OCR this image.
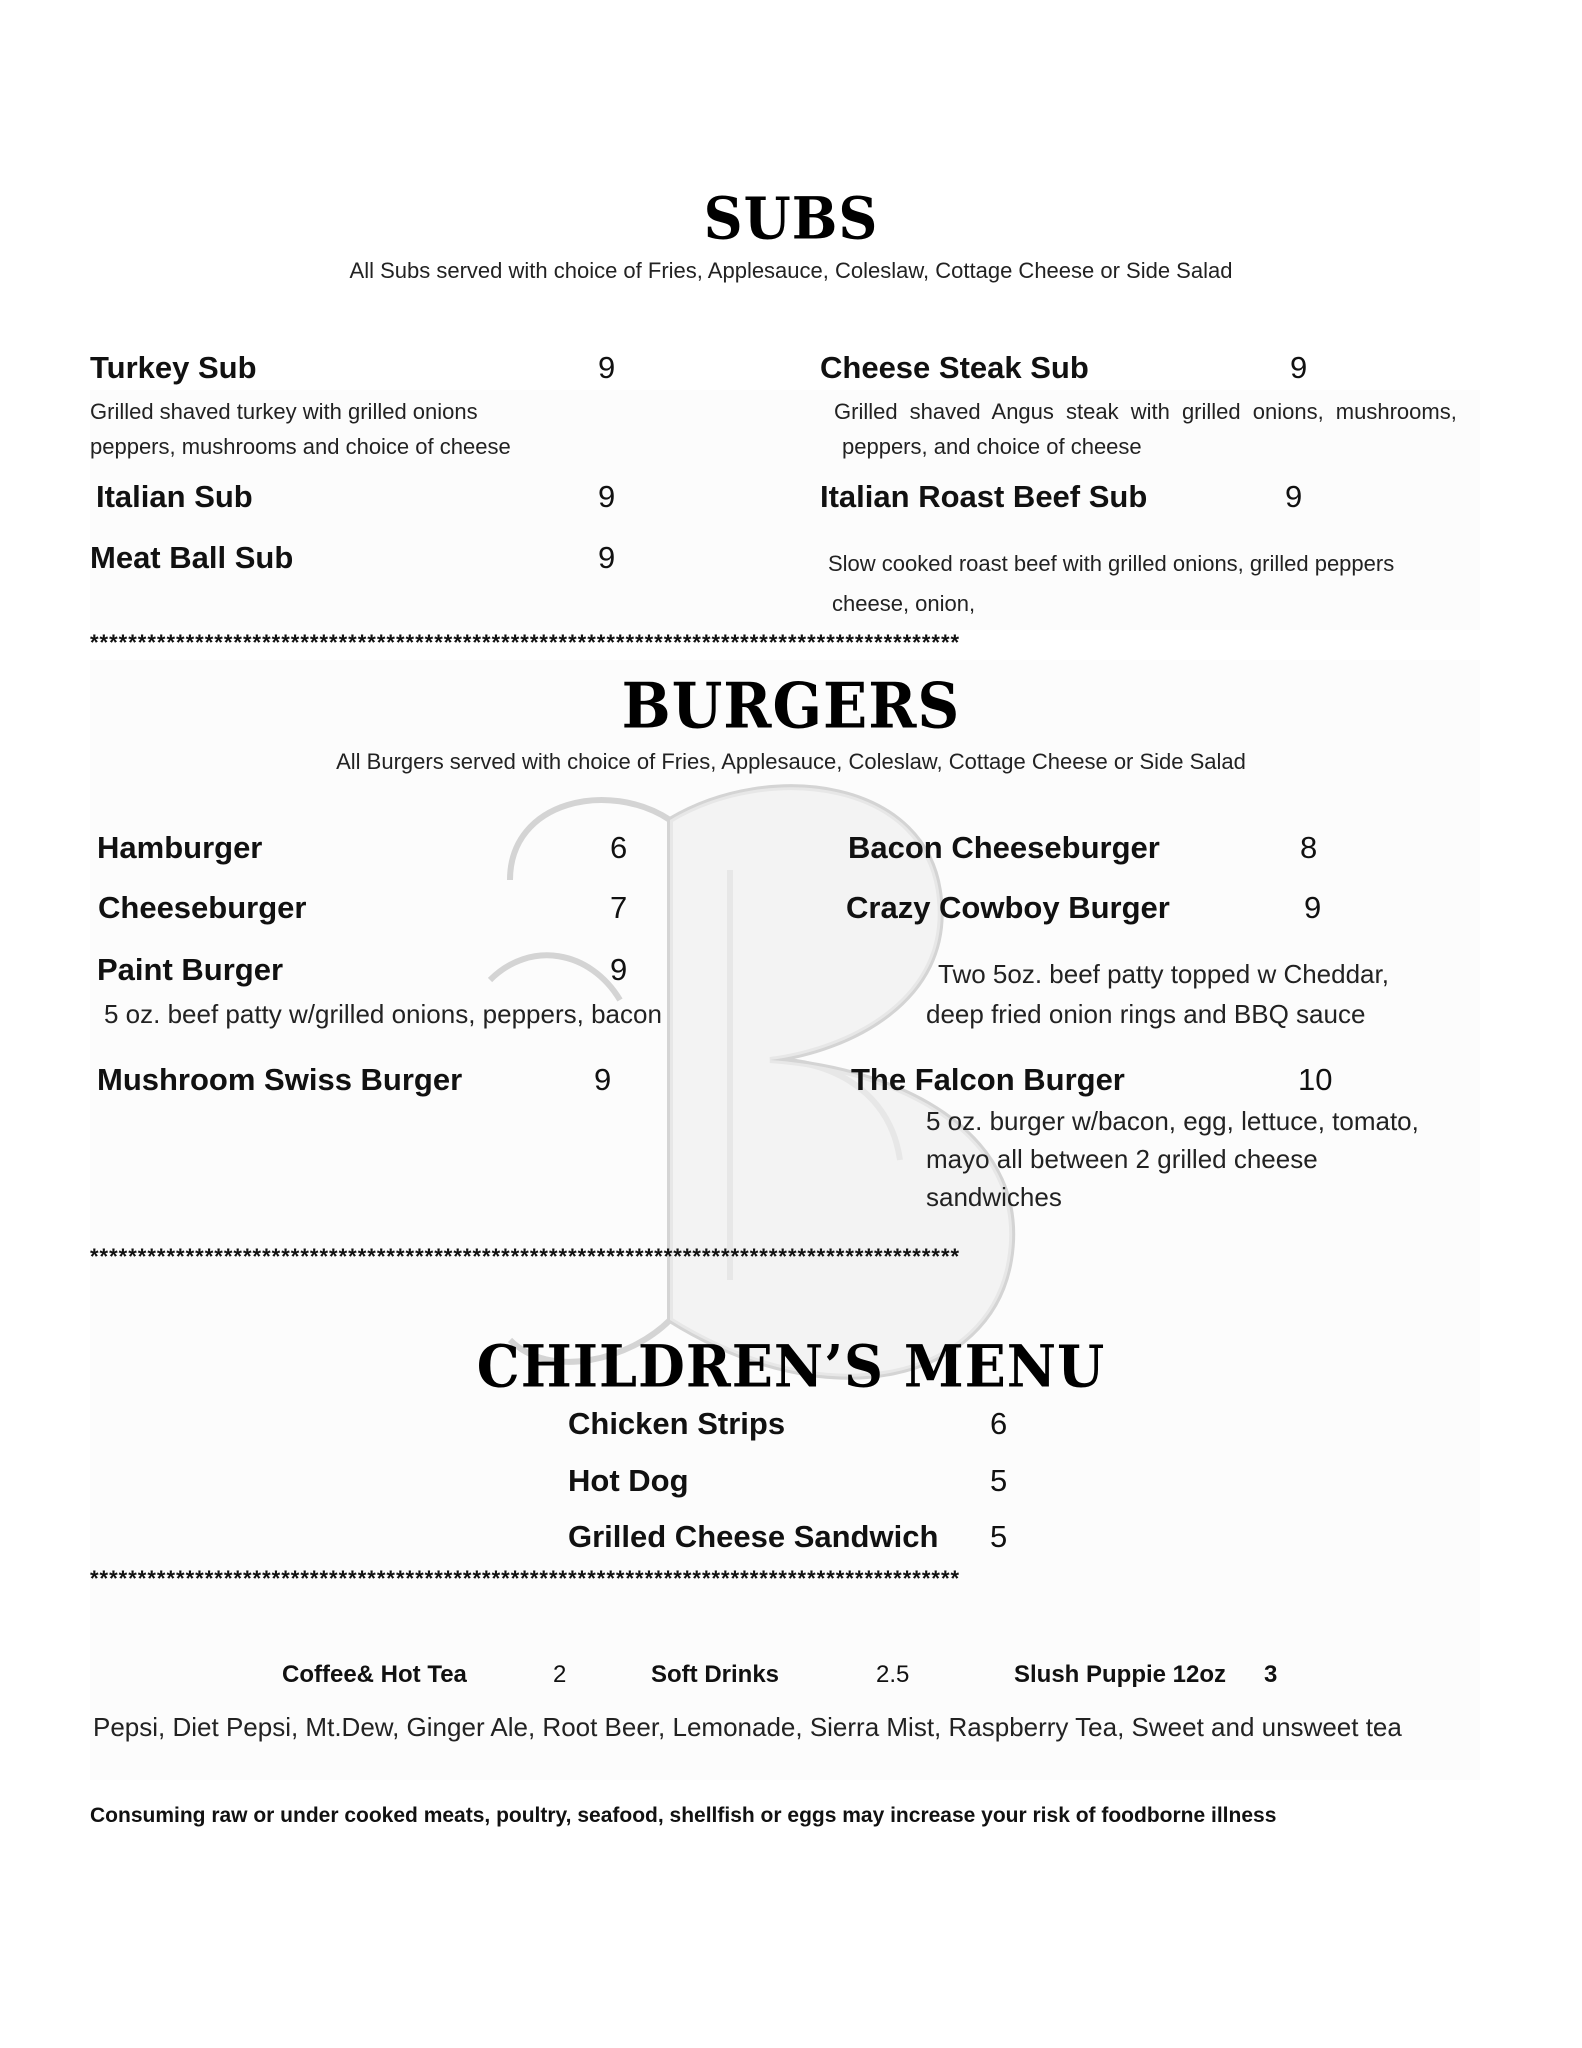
SUBS
All Subs served with choice of Fries, Applesauce, Coleslaw, Cottage Cheese or Side Salad
Turkey Sub	9
Grilled shaved turkey with grilled onions
peppers, mushrooms and choice of cheese
Italian Sub	9
Meat Ball Sub	9
Cheese Steak Sub	9
Grilled shaved Angus steak with grilled onions, mushrooms,
peppers, and choice of cheese
Italian Roast Beef Sub	9
Slow cooked roast beef with grilled onions, grilled peppers
cheese, onion,
*******************************************************************************************
BURGERS
All Burgers served with choice of Fries, Applesauce, Coleslaw, Cottage Cheese or Side Salad
Hamburger	6
Cheeseburger	7
Paint Burger	9
5 oz. beef patty w/grilled onions, peppers, bacon
Mushroom Swiss Burger	9
Bacon Cheeseburger	8
Crazy Cowboy Burger	9
Two 5oz. beef patty topped w Cheddar,
deep fried onion rings and BBQ sauce
The Falcon Burger	10
5 oz. burger w/bacon, egg, lettuce, tomato,
mayo all between 2 grilled cheese
sandwiches
*******************************************************************************************
CHILDREN’S MENU
Chicken Strips	6
Hot Dog	5
Grilled Cheese Sandwich 5
*******************************************************************************************
Coffee& Hot Tea	2	Soft Drinks	2.5	Slush Puppie 12oz 3
Pepsi, Diet Pepsi, Mt.Dew, Ginger Ale, Root Beer, Lemonade, Sierra Mist, Raspberry Tea, Sweet and unsweet tea
Consuming raw or under cooked meats, poultry, seafood, shellfish or eggs may increase your risk of foodborne illness
